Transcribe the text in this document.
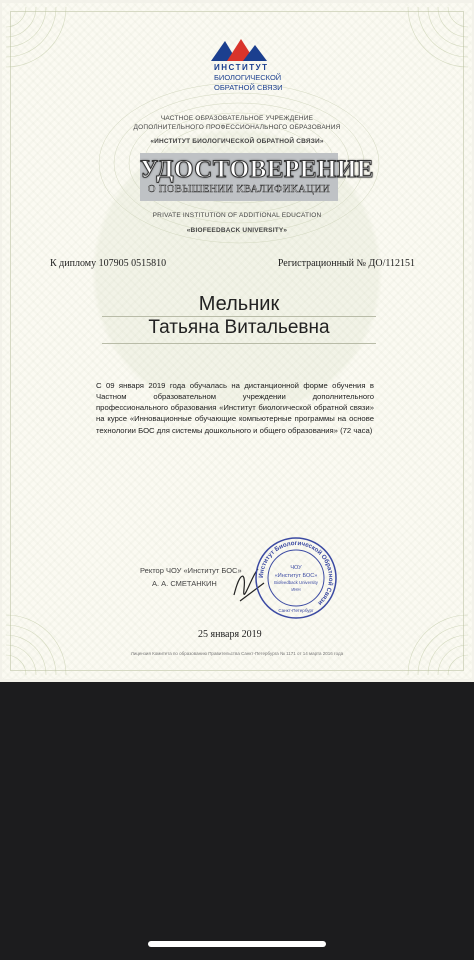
ИНСТИТУТ
БИОЛОГИЧЕСКОЙ
ОБРАТНОЙ СВЯЗИ
ЧАСТНОЕ ОБРАЗОВАТЕЛЬНОЕ УЧРЕЖДЕНИЕ
ДОПОЛНИТЕЛЬНОГО ПРОФЕССИОНАЛЬНОГО ОБРАЗОВАНИЯ
«ИНСТИТУТ БИОЛОГИЧЕСКОЙ ОБРАТНОЙ СВЯЗИ»
УДОСТОВЕРЕНИЕ
О ПОВЫШЕНИИ КВАЛИФИКАЦИИ
PRIVATE INSTITUTION OF ADDITIONAL EDUCATION
«BIOFEEDBACK UNIVERSITY»
К диплому 107905 0515810	Регистрационный № ДО/112151
Мельник
Татьяна Витальевна
С 09 января 2019 года обучалась на дистанционной форме обучения в Частном образовательном учреждении дополнительного профессионального образования «Институт биологической обратной связи» на курсе «Инновационные обучающие компьютерные программы на основе технологии БОС для системы дошкольного и общего образования» (72 часа)
Ректор ЧОУ «Институт БОС»
А. А. СМЕТАНКИН
Институт Биологической Обратной Связи
ЧОУ
«Институт БОС»
Biofeedback University
ИНН
Санкт-Петербург
25 января 2019
Лицензия Комитета по образованию Правительства Санкт-Петербурга № 1171 от 14 марта 2016 года
